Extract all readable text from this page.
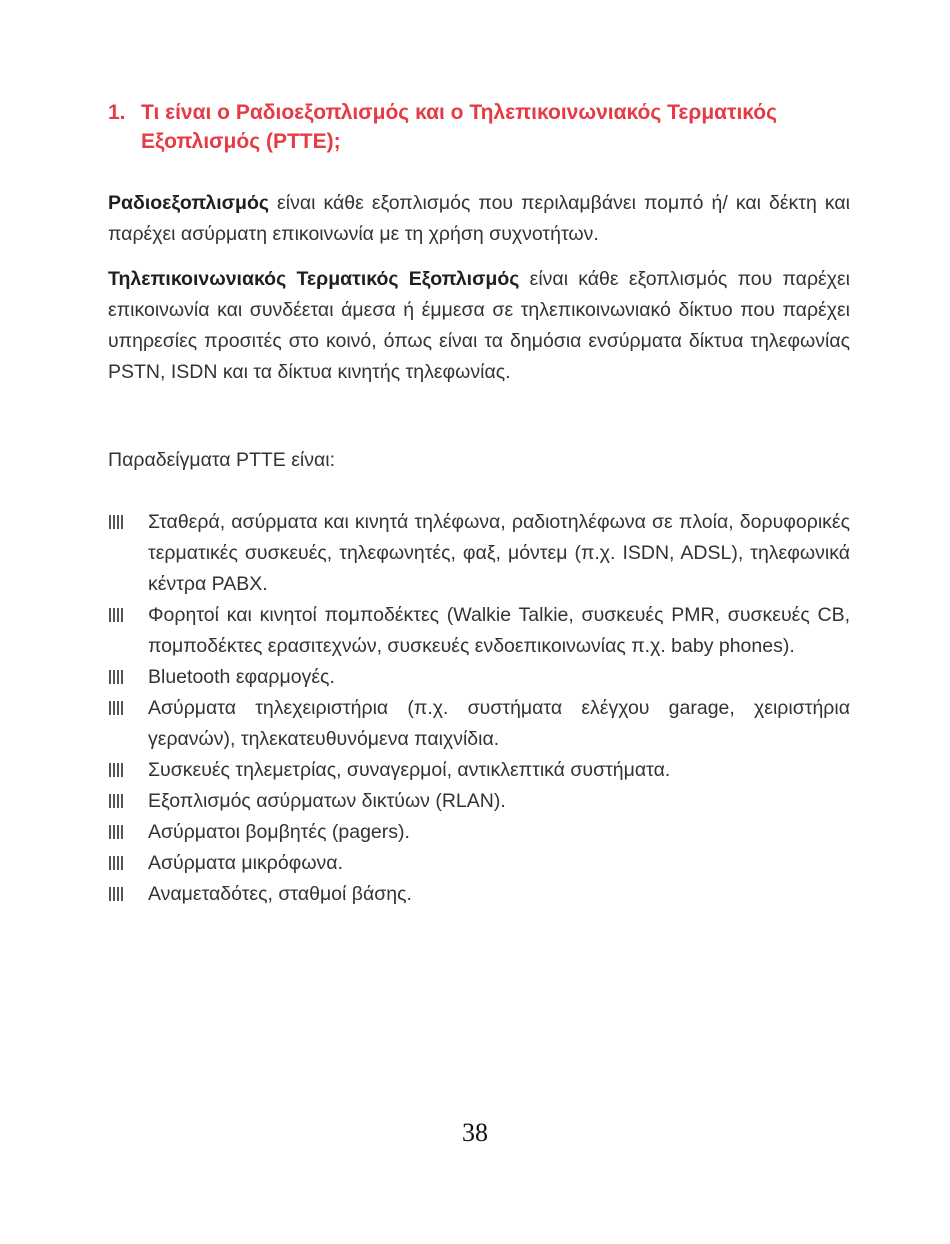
1. Τι είναι ο Ραδιοεξοπλισμός και ο Τηλεπικοινωνιακός Τερματικός Εξοπλισμός (PTTE);

Ραδιοεξοπλισμός είναι κάθε εξοπλισμός που περιλαμβάνει πομπό ή/ και δέκτη και παρέχει ασύρματη επικοινωνία με τη χρήση συχνοτήτων.

Τηλεπικοινωνιακός Τερματικός Εξοπλισμός είναι κάθε εξοπλισμός που παρέχει επικοινωνία και συνδέεται άμεσα ή έμμεσα σε τηλεπικοινωνιακό δίκτυο που παρέχει υπηρεσίες προσιτές στο κοινό, όπως είναι τα δημόσια ενσύρματα δίκτυα τηλεφωνίας PSTN, ISDN και τα δίκτυα κινητής τηλεφωνίας.

Παραδείγματα PTTE είναι:

Σταθερά, ασύρματα και κινητά τηλέφωνα, ραδιοτηλέφωνα σε πλοία, δορυφορικές τερματικές συσκευές, τηλεφωνητές, φαξ, μόντεμ (π.χ. ISDN, ADSL), τηλεφωνικά κέντρα PABX.
Φορητοί και κινητοί πομποδέκτες (Walkie Talkie, συσκευές PMR, συσκευές CB, πομποδέκτες ερασιτεχνών, συσκευές ενδοεπικοινωνίας π.χ. baby phones).
Bluetooth εφαρμογές.
Ασύρματα τηλεχειριστήρια (π.χ. συστήματα ελέγχου garage, χειριστήρια γερανών), τηλεκατευθυνόμενα παιχνίδια.
Συσκευές τηλεμετρίας, συναγερμοί, αντικλεπτικά συστήματα.
Εξοπλισμός ασύρματων δικτύων (RLAN).
Ασύρματοι βομβητές (pagers).
Ασύρματα μικρόφωνα.
Αναμεταδότες, σταθμοί βάσης.
38
